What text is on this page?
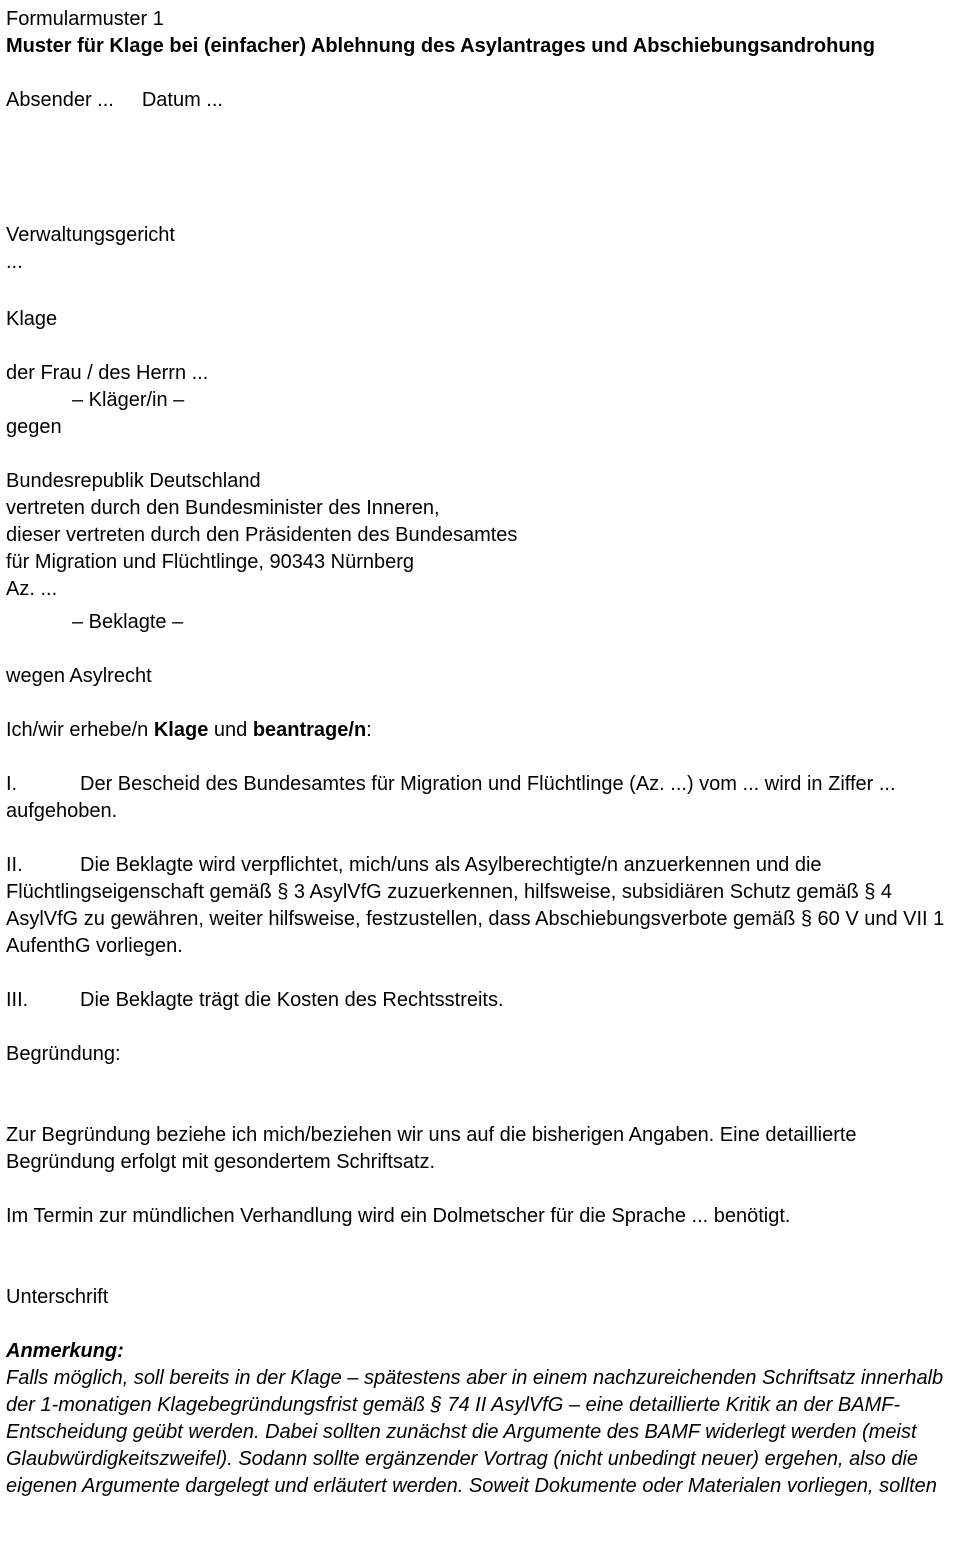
Formularmuster 1
Muster für Klage bei (einfacher) Ablehnung des Asylantrages und Abschiebungsandrohung
Absender ... Datum ...
Verwaltungsgericht
...
Klage
der Frau / des Herrn ...
– Kläger/in –
gegen
Bundesrepublik Deutschland
vertreten durch den Bundesminister des Inneren,
dieser vertreten durch den Präsidenten des Bundesamtes
für Migration und Flüchtlinge, 90343 Nürnberg
Az. ...
– Beklagte –
wegen Asylrecht
Ich/wir erhebe/n Klage und beantrage/n:
I.	Der Bescheid des Bundesamtes für Migration und Flüchtlinge (Az. ...) vom ... wird in Ziffer ... aufgehoben.
II.	Die Beklagte wird verpflichtet, mich/uns als Asylberechtigte/n anzuerkennen und die Flüchtlingseigenschaft gemäß § 3 AsylVfG zuzuerkennen, hilfsweise, subsidiären Schutz gemäß § 4 AsylVfG zu gewähren, weiter hilfsweise, festzustellen, dass Abschiebungsverbote gemäß § 60 V und VII 1 AufenthG vorliegen.
III.	Die Beklagte trägt die Kosten des Rechtsstreits.
Begründung:
Zur Begründung beziehe ich mich/beziehen wir uns auf die bisherigen Angaben. Eine detaillierte Begründung erfolgt mit gesondertem Schriftsatz.
Im Termin zur mündlichen Verhandlung wird ein Dolmetscher für die Sprache ... benötigt.
Unterschrift
Anmerkung:
Falls möglich, soll bereits in der Klage – spätestens aber in einem nachzureichenden Schriftsatz innerhalb der 1-monatigen Klagebegründungsfrist gemäß § 74 II AsylVfG – eine detaillierte Kritik an der BAMF-Entscheidung geübt werden. Dabei sollten zunächst die Argumente des BAMF widerlegt werden (meist Glaubwürdigkeitszweifel). Sodann sollte ergänzender Vortrag (nicht unbedingt neuer) ergehen, also die eigenen Argumente dargelegt und erläutert werden. Soweit Dokumente oder Materialen vorliegen, sollten
